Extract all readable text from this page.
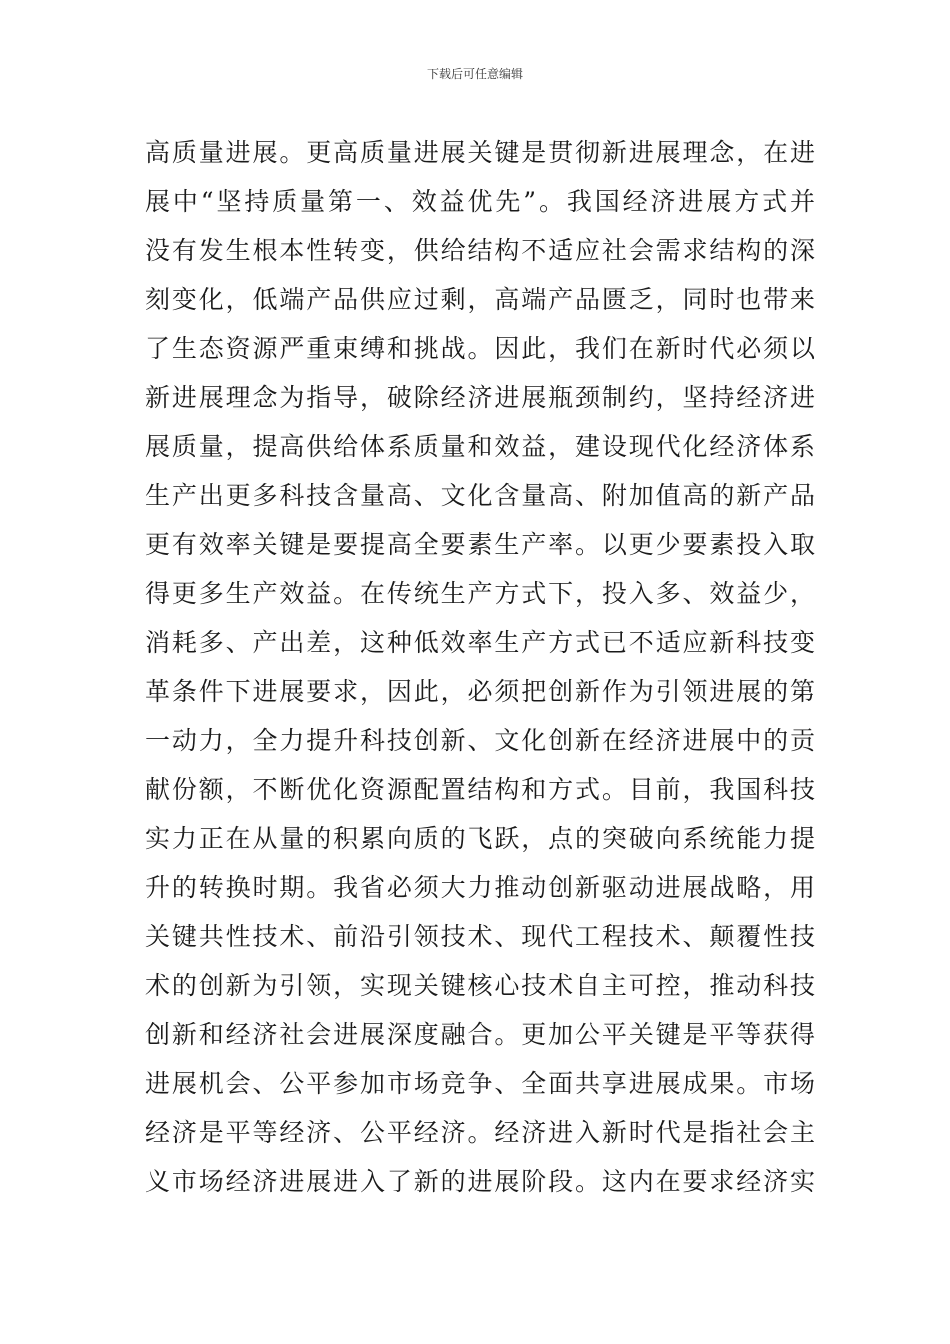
下载后可任意编辑
高质量进展。更高质量进展关键是贯彻新进展理念，在进
展中“坚持质量第一、效益优先”。我国经济进展方式并
没有发生根本性转变，供给结构不适应社会需求结构的深
刻变化，低端产品供应过剩，高端产品匮乏，同时也带来
了生态资源严重束缚和挑战。因此，我们在新时代必须以
新进展理念为指导，破除经济进展瓶颈制约，坚持经济进
展质量，提高供给体系质量和效益，建设现代化经济体系
生产出更多科技含量高、文化含量高、附加值高的新产品
更有效率关键是要提高全要素生产率。以更少要素投入取
得更多生产效益。在传统生产方式下，投入多、效益少，
消耗多、产出差，这种低效率生产方式已不适应新科技变
革条件下进展要求，因此，必须把创新作为引领进展的第
一动力，全力提升科技创新、文化创新在经济进展中的贡
献份额，不断优化资源配置结构和方式。目前，我国科技
实力正在从量的积累向质的飞跃，点的突破向系统能力提
升的转换时期。我省必须大力推动创新驱动进展战略，用
关键共性技术、前沿引领技术、现代工程技术、颠覆性技
术的创新为引领，实现关键核心技术自主可控，推动科技
创新和经济社会进展深度融合。更加公平关键是平等获得
进展机会、公平参加市场竞争、全面共享进展成果。市场
经济是平等经济、公平经济。经济进入新时代是指社会主
义市场经济进展进入了新的进展阶段。这内在要求经济实
